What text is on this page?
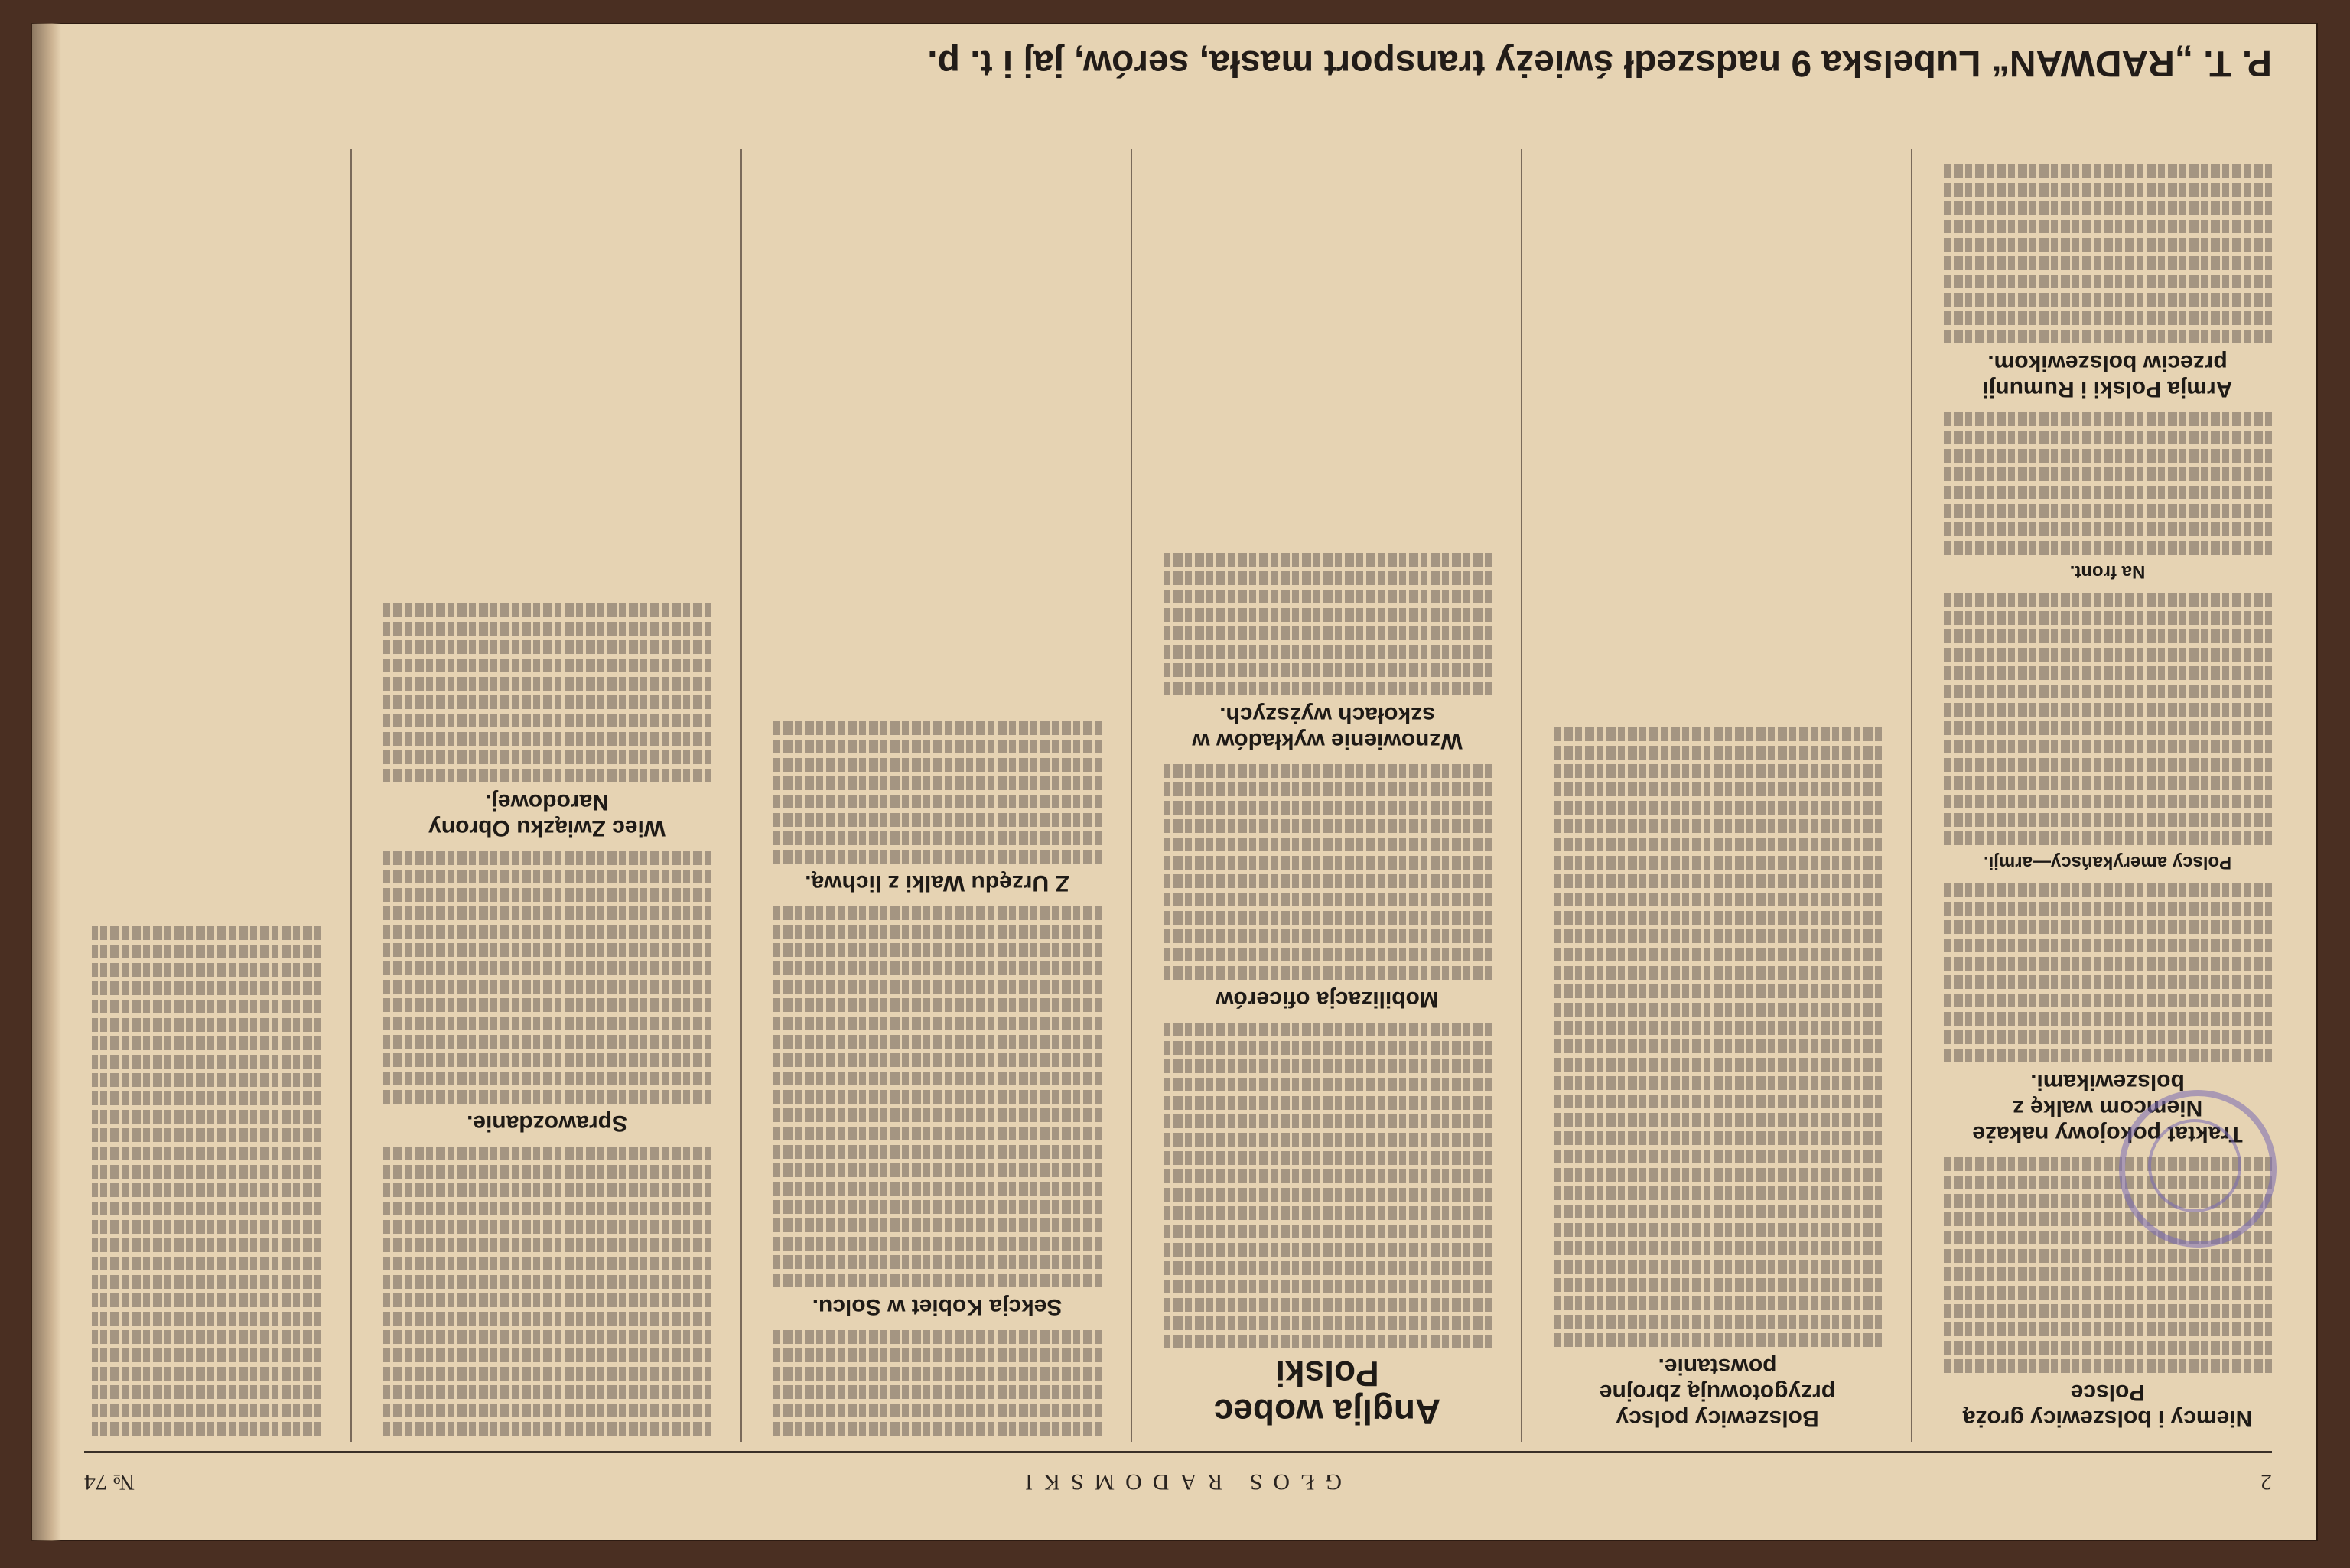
2
GŁOS RADOMSKI
№ 74
Niemcy i bolszewicy grożą Polsce
Traktat pokojowy nakaże Niemcom walkę z bolszewikami.
Polscy amerykańscy—armji.
Na front.
Armja Polski i Rumunji przeciw bolszewikom.
Bolszewicy polscy przygotowują zbrojne powstanie.
Anglja wobec Polski
Mobilizacja oficerów
Wznowienie wykładów w szkołach wyższych.
Sekcja Kobiet w Solcu.
Z Urzędu Walki z lichwą.
Sprawozdanie.
Wiec Związku Obrony Narodowej.
P. T. „RADWAN“ Lubelska 9 nadszedł świeży transport masła, serów, jaj i t. p.
